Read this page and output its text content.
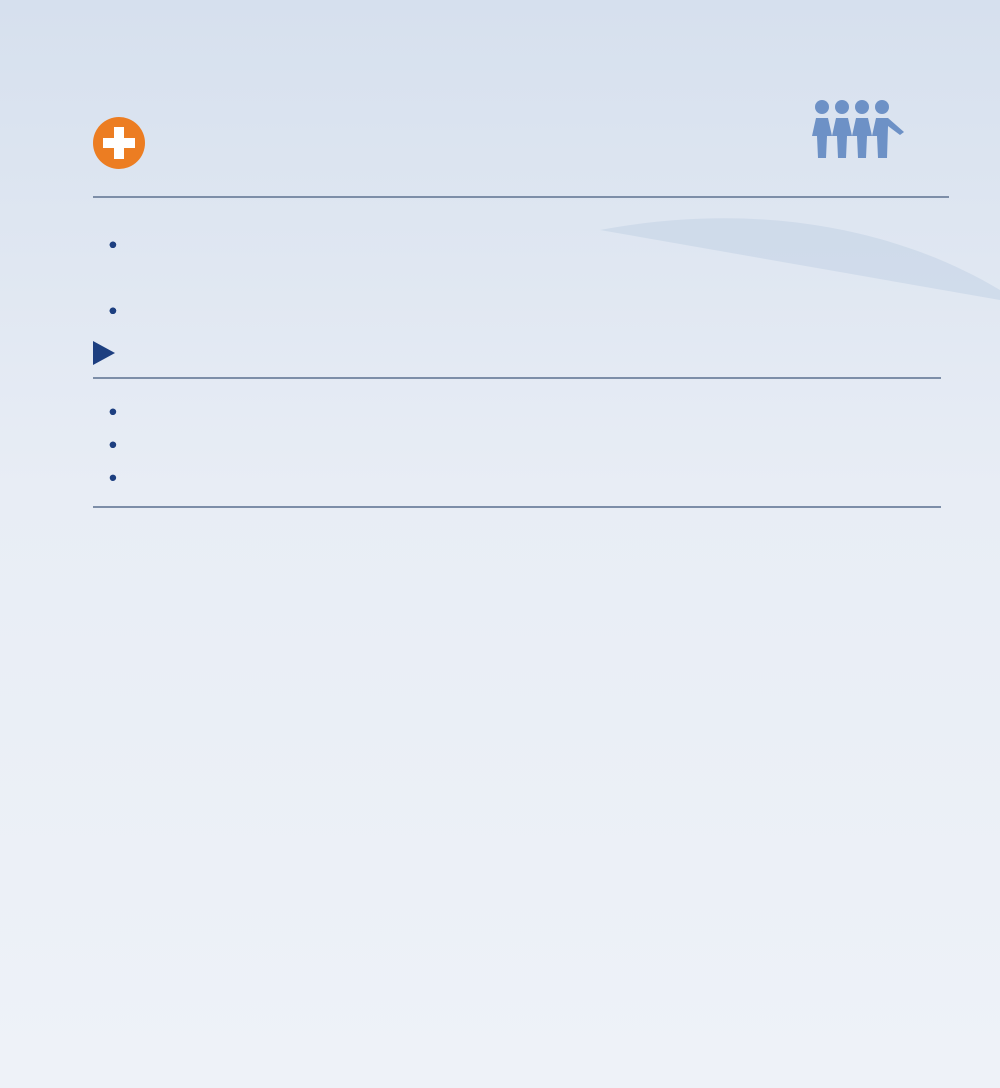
•

•

•

•

•
